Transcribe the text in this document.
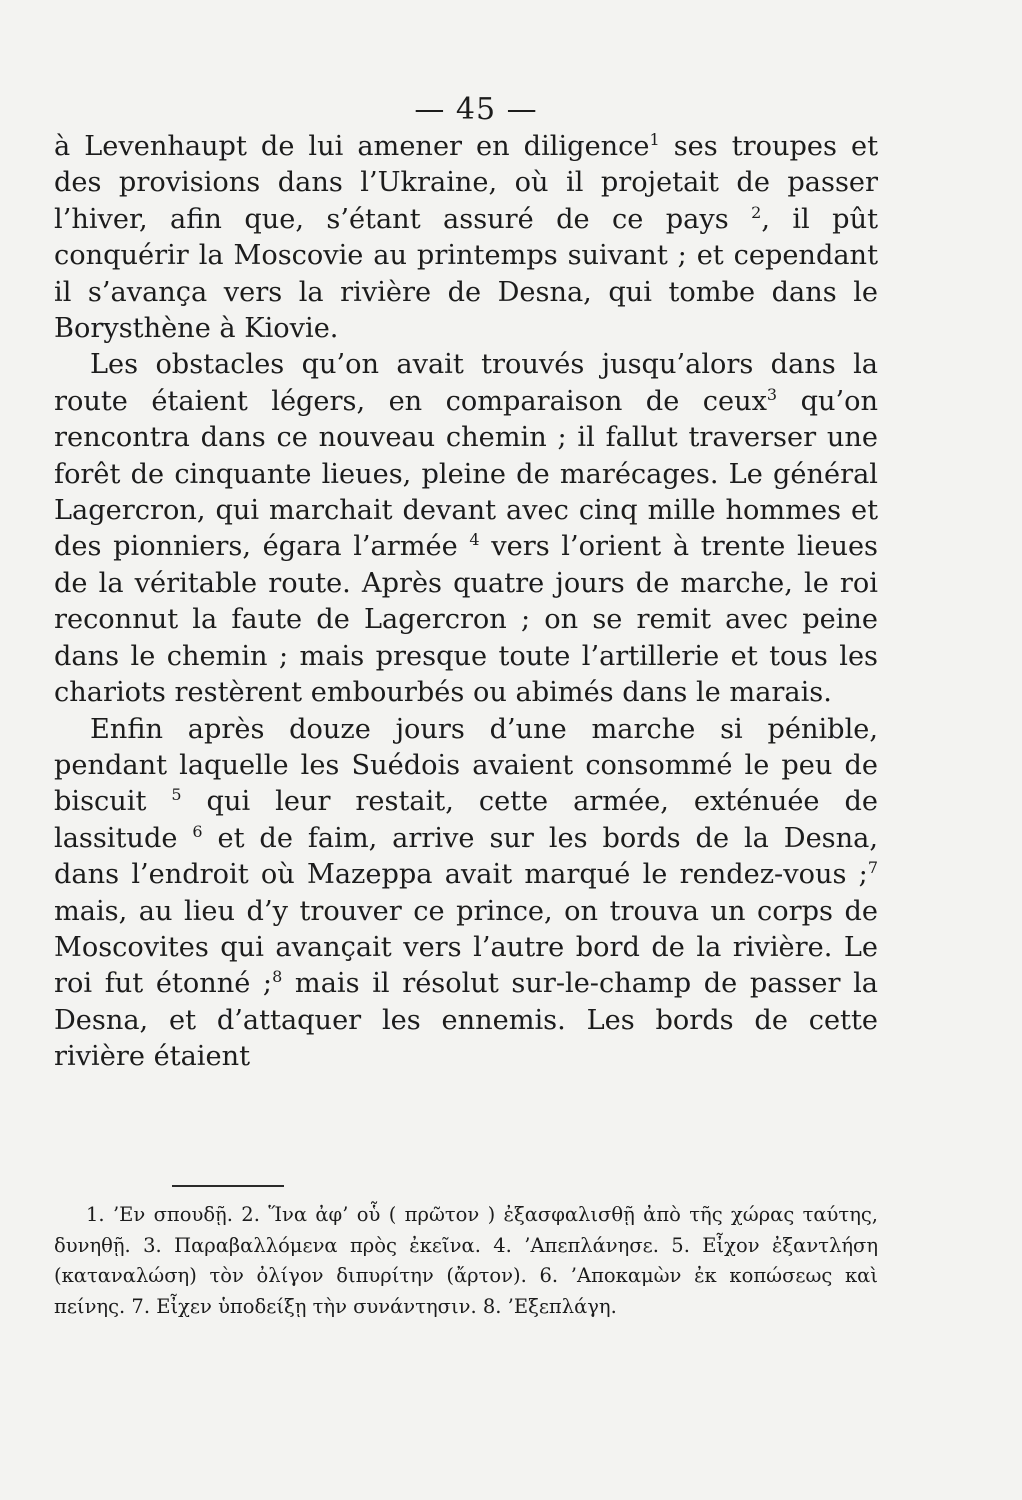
— 45 —

à Levenhaupt de lui amener en diligence$^1$ ses troupes et des provisions dans l’Ukraine, où il projetait de passer l’hiver, afin que, s’étant assuré de ce pays $^2$, il pût conquérir la Moscovie au printemps suivant ; et cependant il s’avança vers la rivière de Desna, qui tombe dans le Borysthène à Kiovie.

Les obstacles qu’on avait trouvés jusqu’alors dans la route étaient légers, en comparaison de ceux$^3$ qu’on rencontra dans ce nouveau chemin ; il fallut traverser une forêt de cinquante lieues, pleine de marécages. Le général Lagercron, qui marchait devant avec cinq mille hommes et des pionniers, égara l’armée $^4$ vers l’orient à trente lieues de la véritable route. Après quatre jours de marche, le roi reconnut la faute de Lagercron ; on se remit avec peine dans le chemin ; mais presque toute l’artillerie et tous les chariots restèrent embourbés ou abimés dans le marais.

Enfin après douze jours d’une marche si pénible, pendant laquelle les Suédois avaient consommé le peu de biscuit $^5$ qui leur restait, cette armée, exténuée de lassitude $^6$ et de faim, arrive sur les bords de la Desna, dans l’endroit où Mazeppa avait marqué le rendez-vous ;$^7$ mais, au lieu d’y trouver ce prince, on trouva un corps de Moscovites qui avançait vers l’autre bord de la rivière. Le roi fut étonné ;$^8$ mais il résolut sur-le-champ de passer la Desna, et d’attaquer les ennemis. Les bords de cette rivière étaient

1. ’Εν σπουδῇ. 2. Ἵνα ἀφ’ οὗ ( πρῶτον ) ἐξασφαλισθῇ ἀπὸ τῆς χώρας ταύτης, δυνηθῇ. 3. Παραβαλλόμενα πρὸς ἐκεῖνα. 4. ’Απεπλάνησε. 5. Εἶχον ἐξαντλήση (καταναλώση) τὸν ὀλίγον διπυρίτην (ἄρτον). 6. ’Αποκαμὼν ἐκ κοπώσεως καὶ πείνης. 7. Εἶχεν ὑποδείξῃ τὴν συνάντησιν. 8. ’Εξεπλάγη.
